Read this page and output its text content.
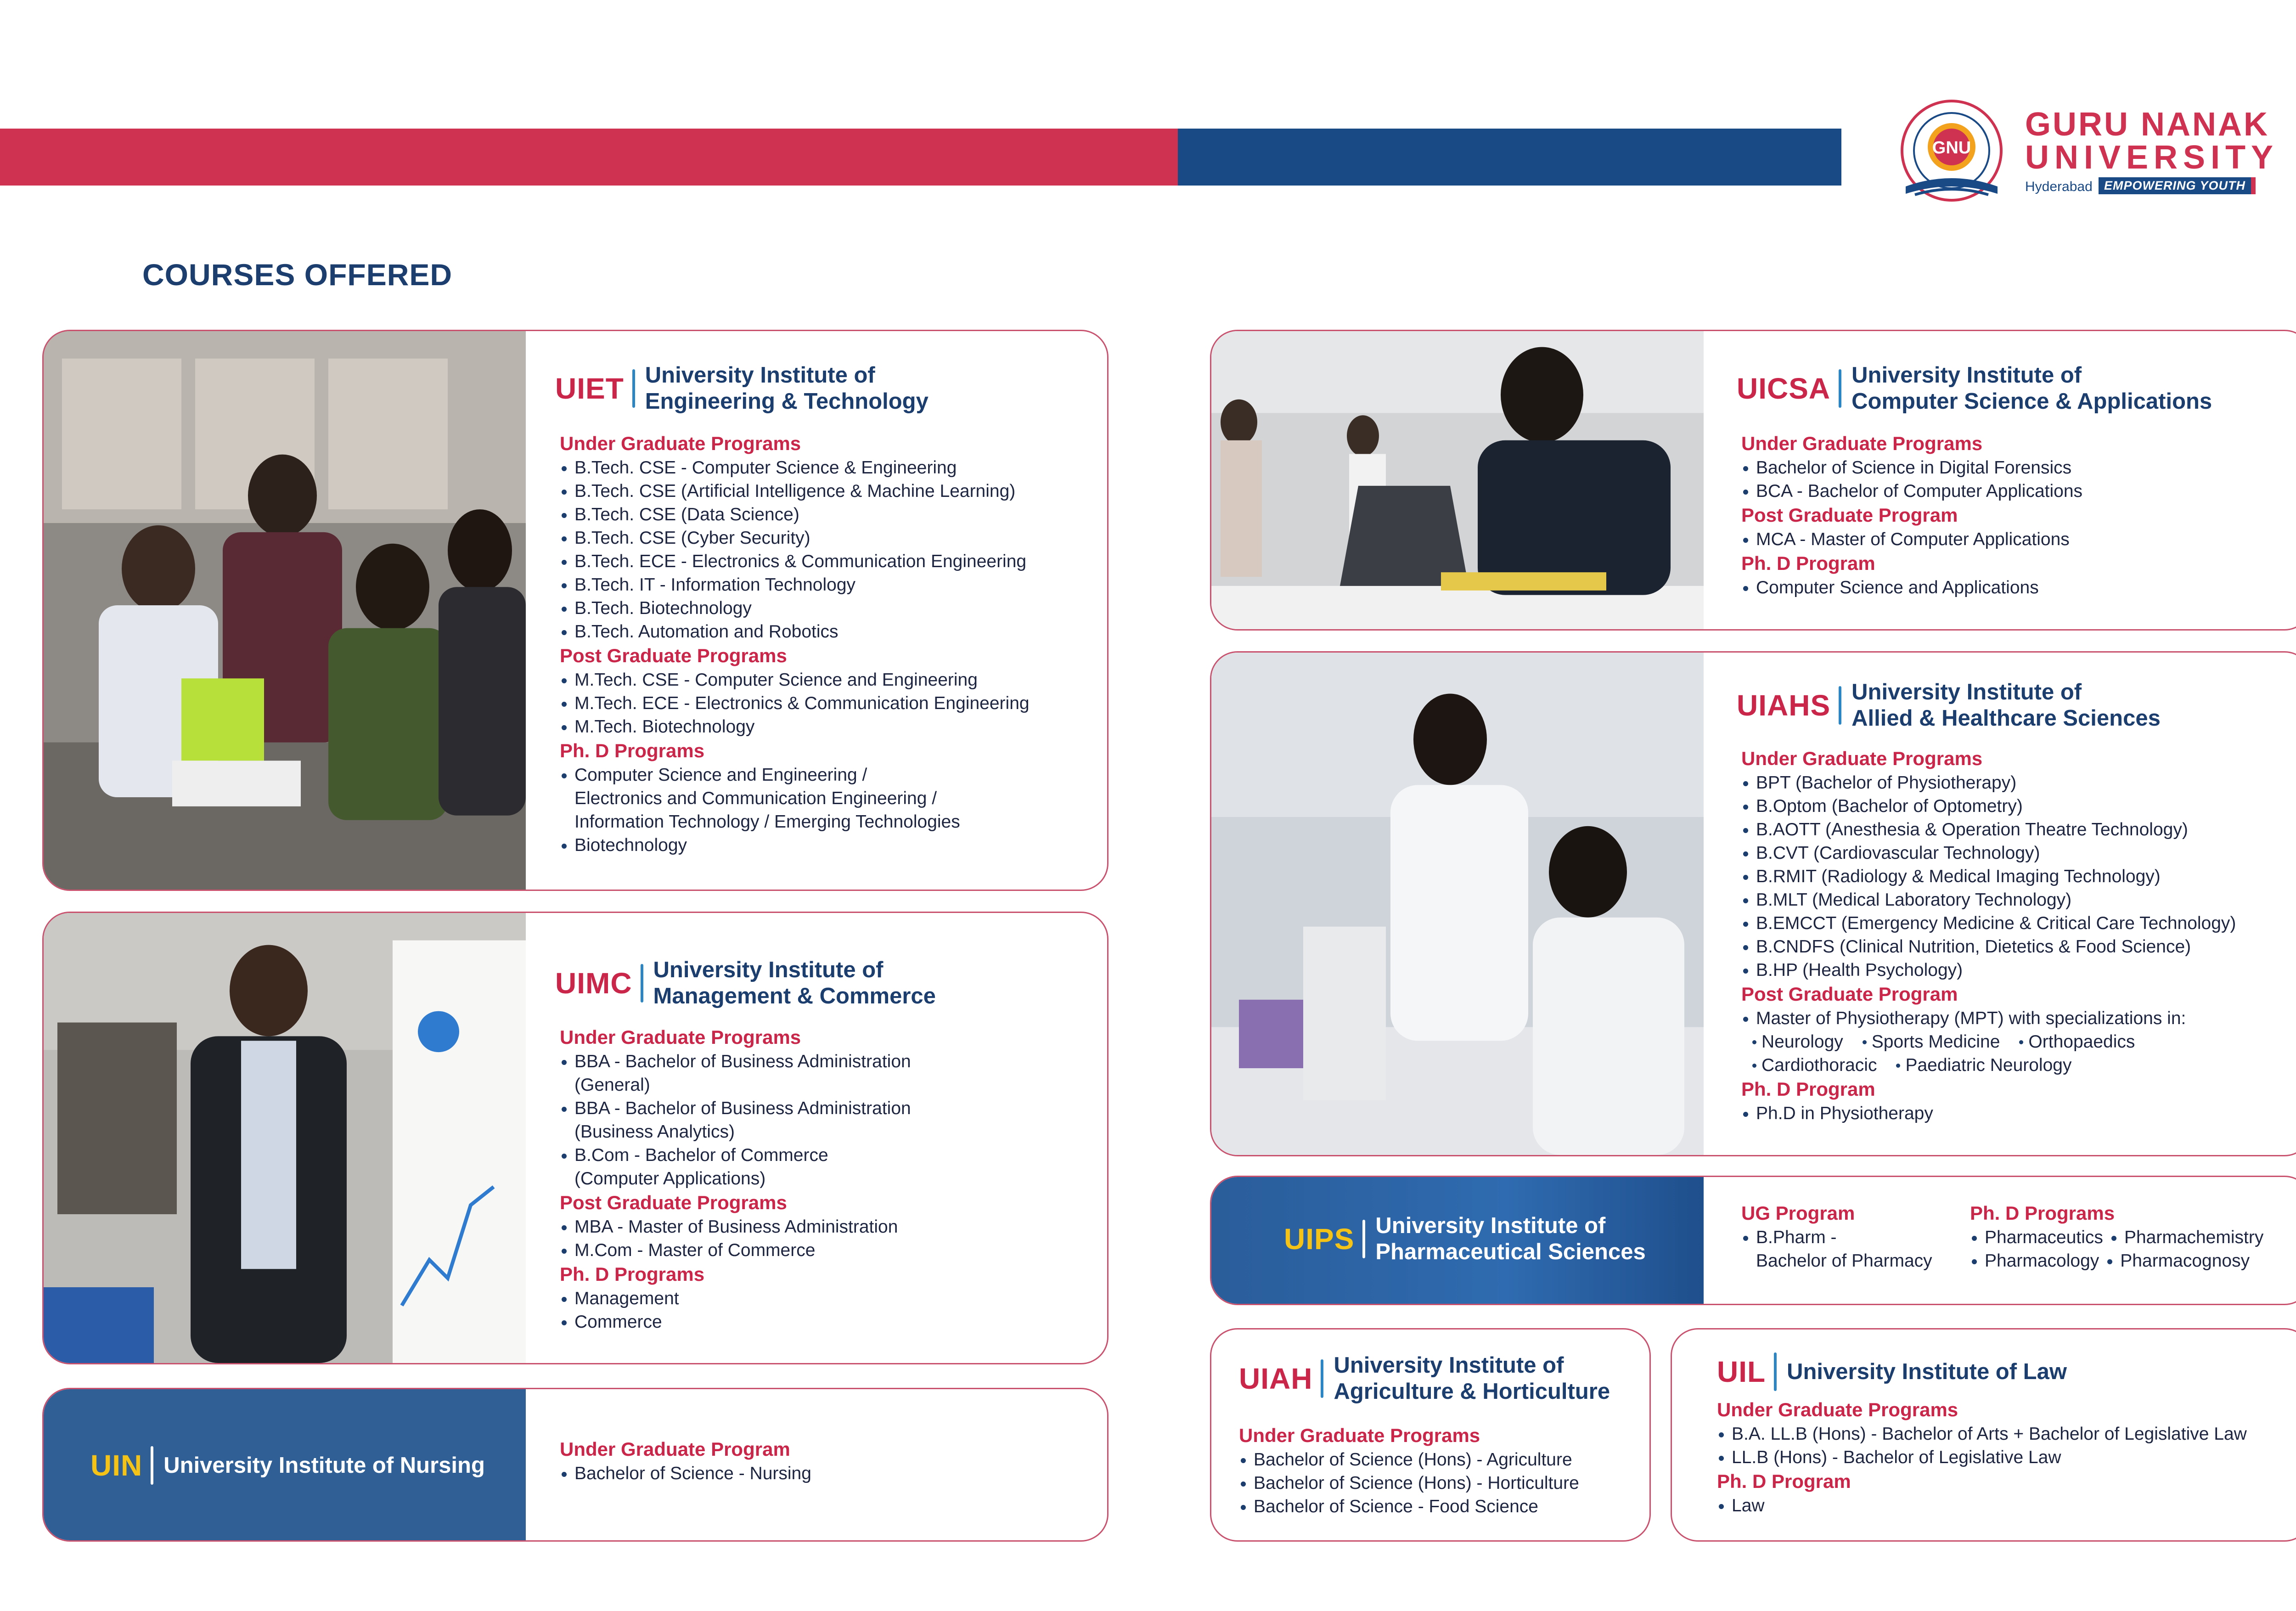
GNU
GURU NANAK
UNIVERSITY
Hyderabad EMPOWERING YOUTH
COURSES OFFERED
UIET University Institute of
Engineering & Technology
Under Graduate Programs
B.Tech. CSE - Computer Science & Engineering
B.Tech. CSE (Artificial Intelligence & Machine Learning)
B.Tech. CSE (Data Science)
B.Tech. CSE (Cyber Security)
B.Tech. ECE - Electronics & Communication Engineering
B.Tech. IT - Information Technology
B.Tech. Biotechnology
B.Tech. Automation and Robotics
Post Graduate Programs
M.Tech. CSE - Computer Science and Engineering
M.Tech. ECE - Electronics & Communication Engineering
M.Tech. Biotechnology
Ph. D Programs
Computer Science and Engineering /
Electronics and Communication Engineering /
Information Technology / Emerging Technologies
Biotechnology
UIMC University Institute of
Management & Commerce
Under Graduate Programs
BBA - Bachelor of Business Administration
(General)
BBA - Bachelor of Business Administration
(Business Analytics)
B.Com - Bachelor of Commerce
(Computer Applications)
Post Graduate Programs
MBA - Master of Business Administration
M.Com - Master of Commerce
Ph. D Programs
Management
Commerce
UIN University Institute of Nursing
Under Graduate Program
Bachelor of Science - Nursing
UICSA University Institute of
Computer Science & Applications
Under Graduate Programs
Bachelor of Science in Digital Forensics
BCA - Bachelor of Computer Applications
Post Graduate Program
MCA - Master of Computer Applications
Ph. D Program
Computer Science and Applications
UIAHS University Institute of
Allied & Healthcare Sciences
Under Graduate Programs
BPT (Bachelor of Physiotherapy)
B.Optom (Bachelor of Optometry)
B.AOTT (Anesthesia & Operation Theatre Technology)
B.CVT (Cardiovascular Technology)
B.RMIT (Radiology & Medical Imaging Technology)
B.MLT (Medical Laboratory Technology)
B.EMCCT (Emergency Medicine & Critical Care Technology)
B.CNDFS (Clinical Nutrition, Dietetics & Food Science)
B.HP (Health Psychology)
Post Graduate Program
Master of Physiotherapy (MPT) with specializations in:
Neurology Sports Medicine Orthopaedics
Cardiothoracic Paediatric Neurology
Ph. D Program
Ph.D in Physiotherapy
UIPS University Institute of
Pharmaceutical Sciences
UG Program
B.Pharm -
Bachelor of Pharmacy
Ph. D Programs
Pharmaceutics Pharmachemistry
Pharmacology Pharmacognosy
UIAH University Institute of
Agriculture & Horticulture
Under Graduate Programs
Bachelor of Science (Hons) - Agriculture
Bachelor of Science (Hons) - Horticulture
Bachelor of Science - Food Science
UIL University Institute of Law
Under Graduate Programs
B.A. LL.B (Hons) - Bachelor of Arts + Bachelor of Legislative Law
LL.B (Hons) - Bachelor of Legislative Law
Ph. D Program
Law
